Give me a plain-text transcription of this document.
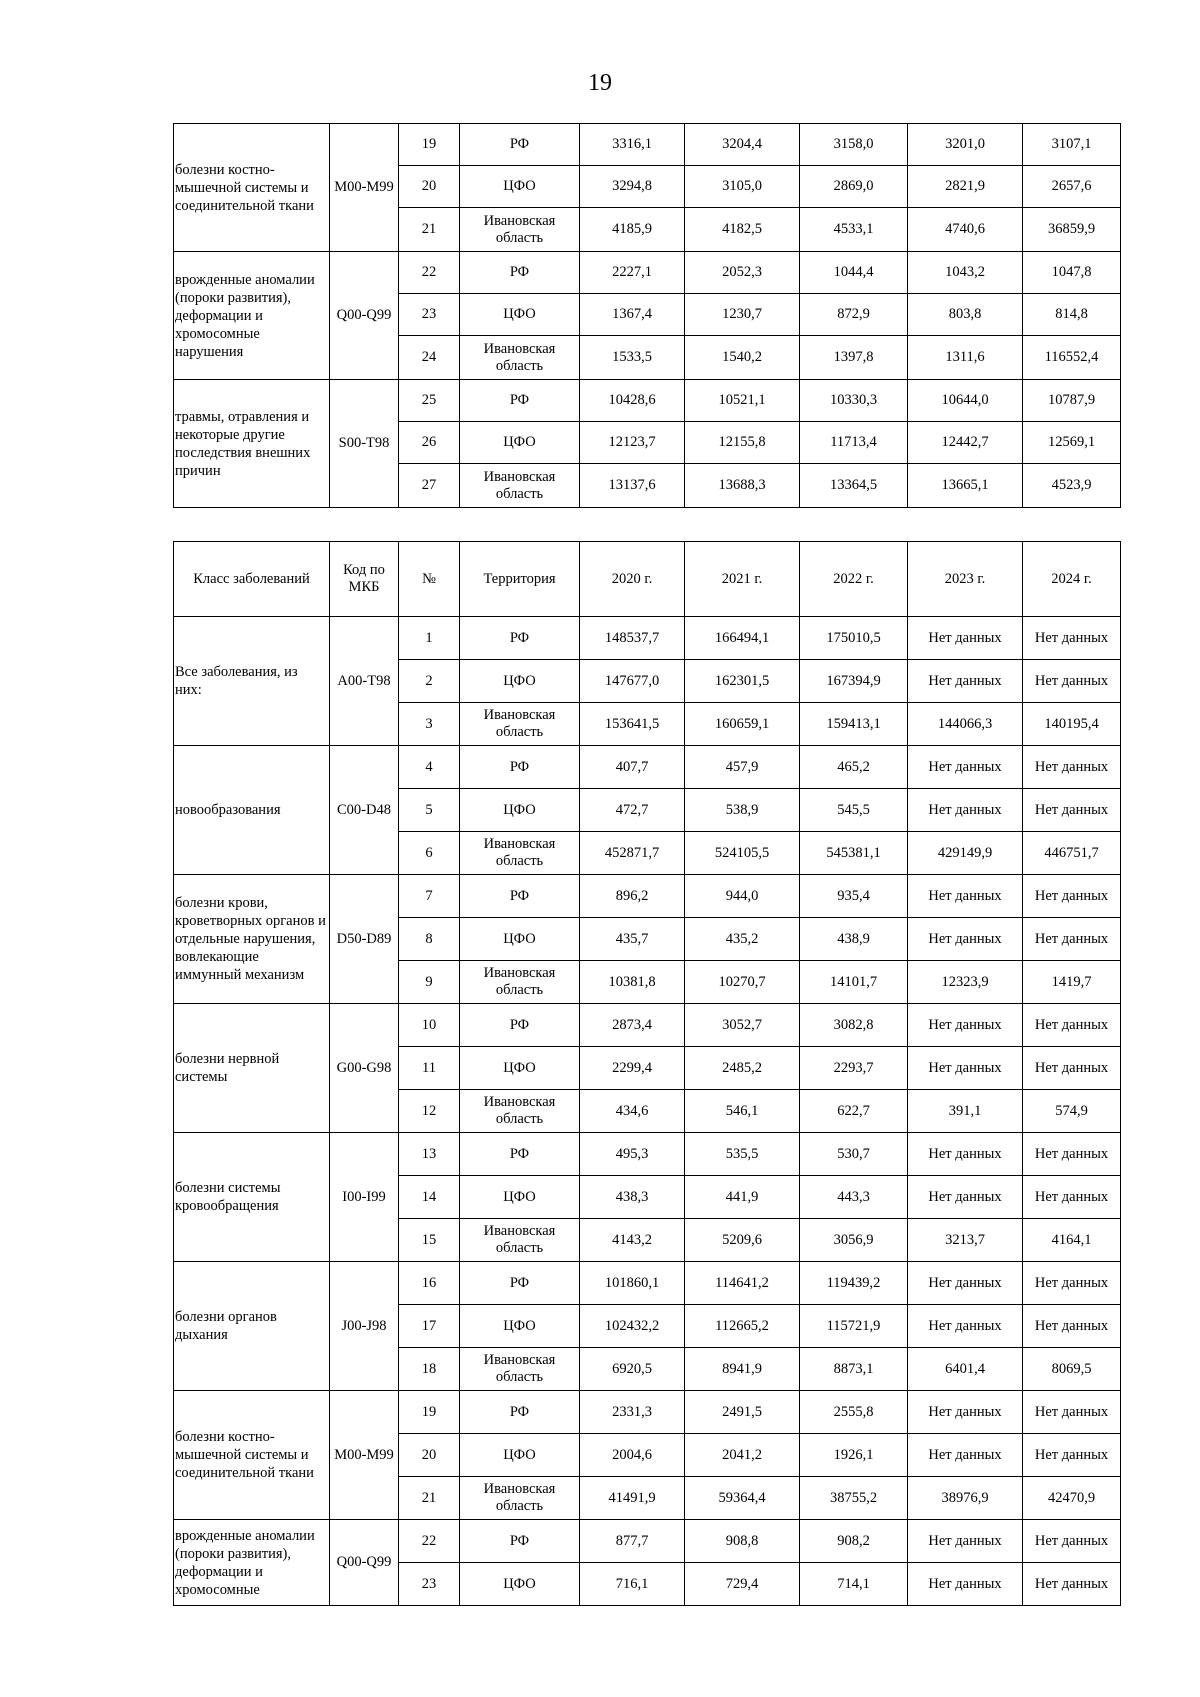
19
болезни костно-мышечной системы и соединительной ткани	M00-M99	19	РФ	3316,1	3204,4	3158,0	3201,0	3107,1
		20	ЦФО	3294,8	3105,0	2869,0	2821,9	2657,6
		21	Ивановская область	4185,9	4182,5	4533,1	4740,6	36859,9
врожденные аномалии (пороки развития), деформации и хромосомные нарушения	Q00-Q99	22	РФ	2227,1	2052,3	1044,4	1043,2	1047,8
		23	ЦФО	1367,4	1230,7	872,9	803,8	814,8
		24	Ивановская область	1533,5	1540,2	1397,8	1311,6	116552,4
травмы, отравления и некоторые другие последствия внешних причин	S00-T98	25	РФ	10428,6	10521,1	10330,3	10644,0	10787,9
		26	ЦФО	12123,7	12155,8	11713,4	12442,7	12569,1
		27	Ивановская область	13137,6	13688,3	13364,5	13665,1	4523,9
Класс заболеваний	Код по МКБ	№	Территория	2020 г.	2021 г.	2022 г.	2023 г.	2024 г.
Все заболевания, из них:	A00-T98	1	РФ	148537,7	166494,1	175010,5	Нет данных	Нет данных
		2	ЦФО	147677,0	162301,5	167394,9	Нет данных	Нет данных
		3	Ивановская область	153641,5	160659,1	159413,1	144066,3	140195,4
новообразования	C00-D48	4	РФ	407,7	457,9	465,2	Нет данных	Нет данных
		5	ЦФО	472,7	538,9	545,5	Нет данных	Нет данных
		6	Ивановская область	452871,7	524105,5	545381,1	429149,9	446751,7
болезни крови, кроветворных органов и отдельные нарушения, вовлекающие иммунный механизм	D50-D89	7	РФ	896,2	944,0	935,4	Нет данных	Нет данных
		8	ЦФО	435,7	435,2	438,9	Нет данных	Нет данных
		9	Ивановская область	10381,8	10270,7	14101,7	12323,9	1419,7
болезни нервной системы	G00-G98	10	РФ	2873,4	3052,7	3082,8	Нет данных	Нет данных
		11	ЦФО	2299,4	2485,2	2293,7	Нет данных	Нет данных
		12	Ивановская область	434,6	546,1	622,7	391,1	574,9
болезни системы кровообращения	I00-I99	13	РФ	495,3	535,5	530,7	Нет данных	Нет данных
		14	ЦФО	438,3	441,9	443,3	Нет данных	Нет данных
		15	Ивановская область	4143,2	5209,6	3056,9	3213,7	4164,1
болезни органов дыхания	J00-J98	16	РФ	101860,1	114641,2	119439,2	Нет данных	Нет данных
		17	ЦФО	102432,2	112665,2	115721,9	Нет данных	Нет данных
		18	Ивановская область	6920,5	8941,9	8873,1	6401,4	8069,5
болезни костно-мышечной системы и соединительной ткани	M00-M99	19	РФ	2331,3	2491,5	2555,8	Нет данных	Нет данных
		20	ЦФО	2004,6	2041,2	1926,1	Нет данных	Нет данных
		21	Ивановская область	41491,9	59364,4	38755,2	38976,9	42470,9
врожденные аномалии (пороки развития), деформации и хромосомные	Q00-Q99	22	РФ	877,7	908,8	908,2	Нет данных	Нет данных
		23	ЦФО	716,1	729,4	714,1	Нет данных	Нет данных
